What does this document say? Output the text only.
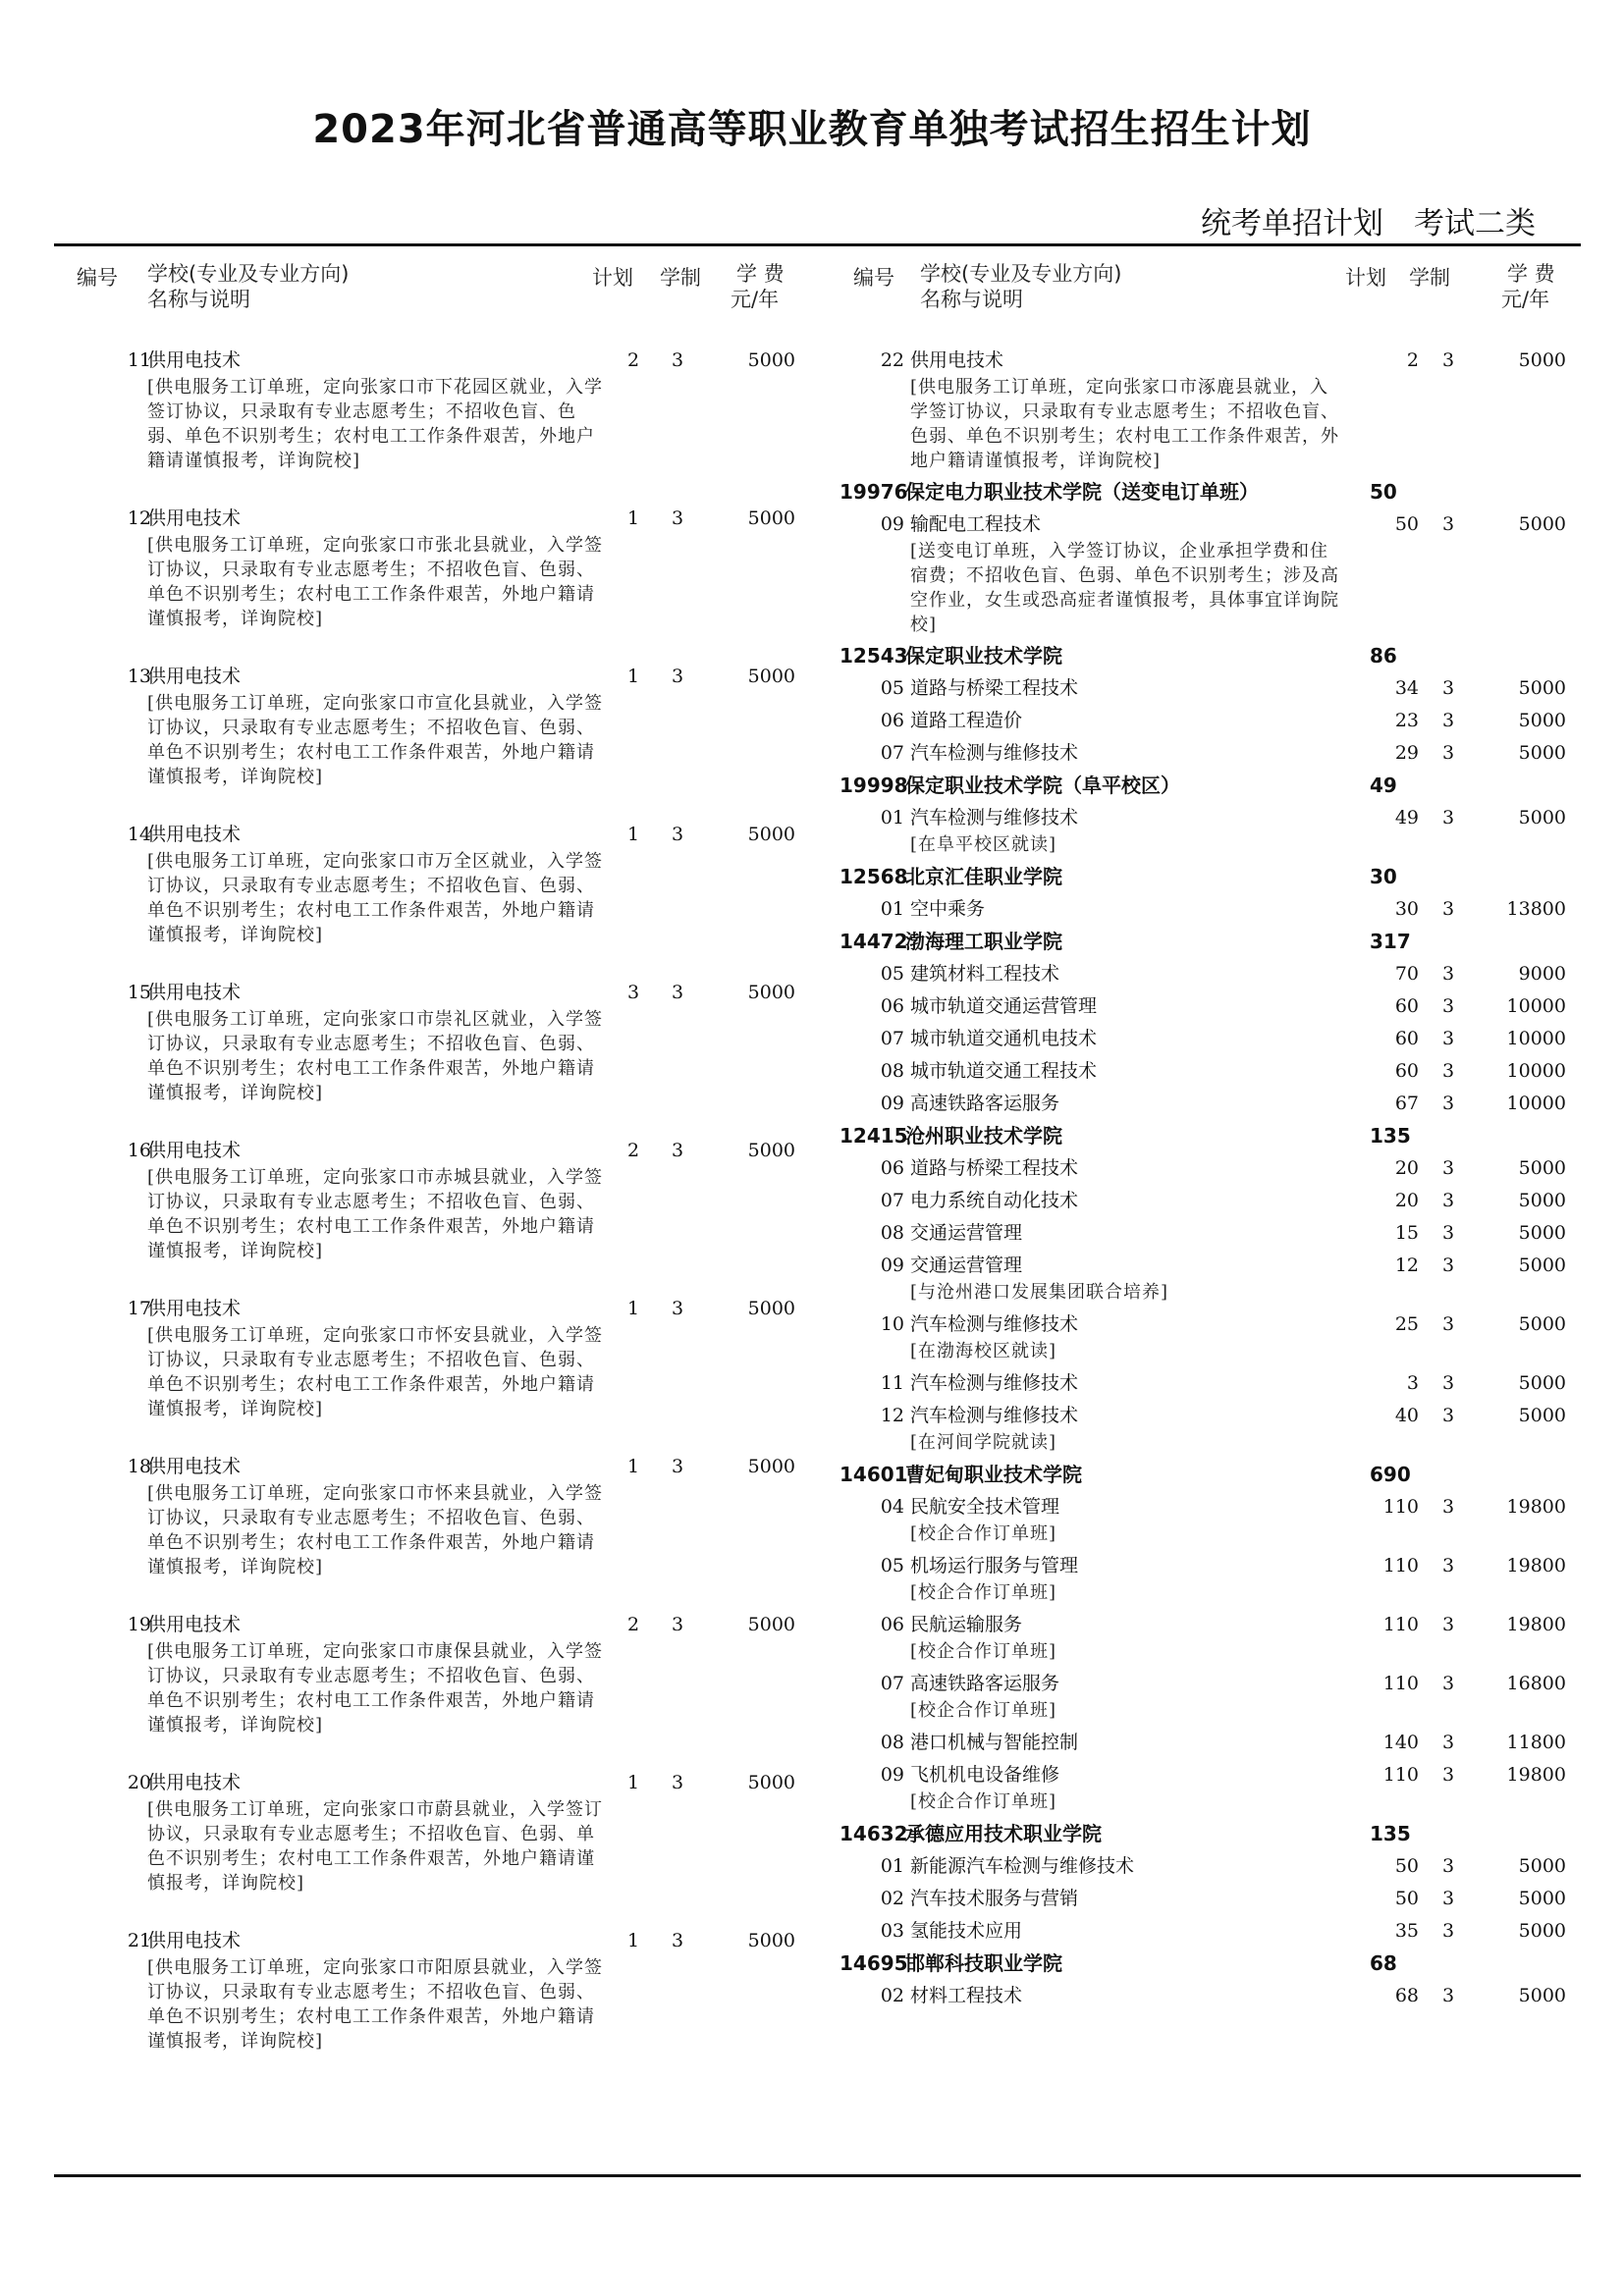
2023年河北省普通高等职业教育单独考试招生招生计划
统考单招计划　考试二类
编号 学校(专业及专业方向)
名称与说明
计划 学制 学 费
元/年
11
供用电技术	2	3	5000
[供电服务工订单班，定向张家口市下花园区就业，入学签订协议，只录取有专业志愿考生；不招收色盲、色弱、单色不识别考生；农村电工工作条件艰苦，外地户籍请谨慎报考，详询院校]
12
供用电技术	1	3	5000
[供电服务工订单班，定向张家口市张北县就业，入学签订协议，只录取有专业志愿考生；不招收色盲、色弱、单色不识别考生；农村电工工作条件艰苦，外地户籍请谨慎报考，详询院校]
13
供用电技术	1	3	5000
[供电服务工订单班，定向张家口市宣化县就业，入学签订协议，只录取有专业志愿考生；不招收色盲、色弱、单色不识别考生；农村电工工作条件艰苦，外地户籍请谨慎报考，详询院校]
14
供用电技术	1	3	5000
[供电服务工订单班，定向张家口市万全区就业，入学签订协议，只录取有专业志愿考生；不招收色盲、色弱、单色不识别考生；农村电工工作条件艰苦，外地户籍请谨慎报考，详询院校]
15
供用电技术	3	3	5000
[供电服务工订单班，定向张家口市崇礼区就业，入学签订协议，只录取有专业志愿考生；不招收色盲、色弱、单色不识别考生；农村电工工作条件艰苦，外地户籍请谨慎报考，详询院校]
16
供用电技术	2	3	5000
[供电服务工订单班，定向张家口市赤城县就业，入学签订协议，只录取有专业志愿考生；不招收色盲、色弱、单色不识别考生；农村电工工作条件艰苦，外地户籍请谨慎报考，详询院校]
17
供用电技术	1	3	5000
[供电服务工订单班，定向张家口市怀安县就业，入学签订协议，只录取有专业志愿考生；不招收色盲、色弱、单色不识别考生；农村电工工作条件艰苦，外地户籍请谨慎报考，详询院校]
18
供用电技术	1	3	5000
[供电服务工订单班，定向张家口市怀来县就业，入学签订协议，只录取有专业志愿考生；不招收色盲、色弱、单色不识别考生；农村电工工作条件艰苦，外地户籍请谨慎报考，详询院校]
19
供用电技术	2	3	5000
[供电服务工订单班，定向张家口市康保县就业，入学签订协议，只录取有专业志愿考生；不招收色盲、色弱、单色不识别考生；农村电工工作条件艰苦，外地户籍请谨慎报考，详询院校]
20
供用电技术	1	3	5000
[供电服务工订单班，定向张家口市蔚县就业，入学签订协议，只录取有专业志愿考生；不招收色盲、色弱、单色不识别考生；农村电工工作条件艰苦，外地户籍请谨慎报考，详询院校]
21
供用电技术	1	3	5000
[供电服务工订单班，定向张家口市阳原县就业，入学签订协议，只录取有专业志愿考生；不招收色盲、色弱、单色不识别考生；农村电工工作条件艰苦，外地户籍请谨慎报考，详询院校]
编号 学校(专业及专业方向)
名称与说明
计划 学制	学 费
元/年
22 供用电技术	2	3	5000
[供电服务工订单班，定向张家口市涿鹿县就业，入学签订协议，只录取有专业志愿考生；不招收色盲、色弱、单色不识别考生；农村电工工作条件艰苦，外地户籍请谨慎报考，详询院校]
19976
保定电力职业技术学院（送变电订单班）	50
09 输配电工程技术	50	3	5000
[送变电订单班，入学签订协议，企业承担学费和住宿费；不招收色盲、色弱、单色不识别考生；涉及高空作业，女生或恐高症者谨慎报考，具体事宜详询院校]
12543
保定职业技术学院	86
05 道路与桥梁工程技术	34	3	5000
06 道路工程造价	23	3	5000
07 汽车检测与维修技术	29	3	5000
19998
保定职业技术学院（阜平校区）	49
01 汽车检测与维修技术	49	3	5000
[在阜平校区就读]
12568
北京汇佳职业学院	30
01 空中乘务	30	3	13800
14472
渤海理工职业学院	317
05 建筑材料工程技术	70	3	9000
06 城市轨道交通运营管理	60	3	10000
07 城市轨道交通机电技术	60	3	10000
08 城市轨道交通工程技术	60	3	10000
09 高速铁路客运服务	67	3	10000
12415
沧州职业技术学院	135
06 道路与桥梁工程技术	20	3	5000
07 电力系统自动化技术	20	3	5000
08 交通运营管理	15	3	5000
09 交通运营管理	12	3	5000
[与沧州港口发展集团联合培养]
10 汽车检测与维修技术	25	3	5000
[在渤海校区就读]
11 汽车检测与维修技术	3	3	5000
12 汽车检测与维修技术	40	3	5000
[在河间学院就读]
14601
曹妃甸职业技术学院	690
04 民航安全技术管理	110	3	19800
[校企合作订单班]
05 机场运行服务与管理	110	3	19800
[校企合作订单班]
06 民航运输服务	110	3	19800
[校企合作订单班]
07 高速铁路客运服务	110	3	16800
[校企合作订单班]
08 港口机械与智能控制	140	3	11800
09 飞机机电设备维修	110	3	19800
[校企合作订单班]
14632
承德应用技术职业学院	135
01 新能源汽车检测与维修技术	50	3	5000
02 汽车技术服务与营销	50	3	5000
03 氢能技术应用	35	3	5000
14695
邯郸科技职业学院	68
02 材料工程技术	68	3	5000
